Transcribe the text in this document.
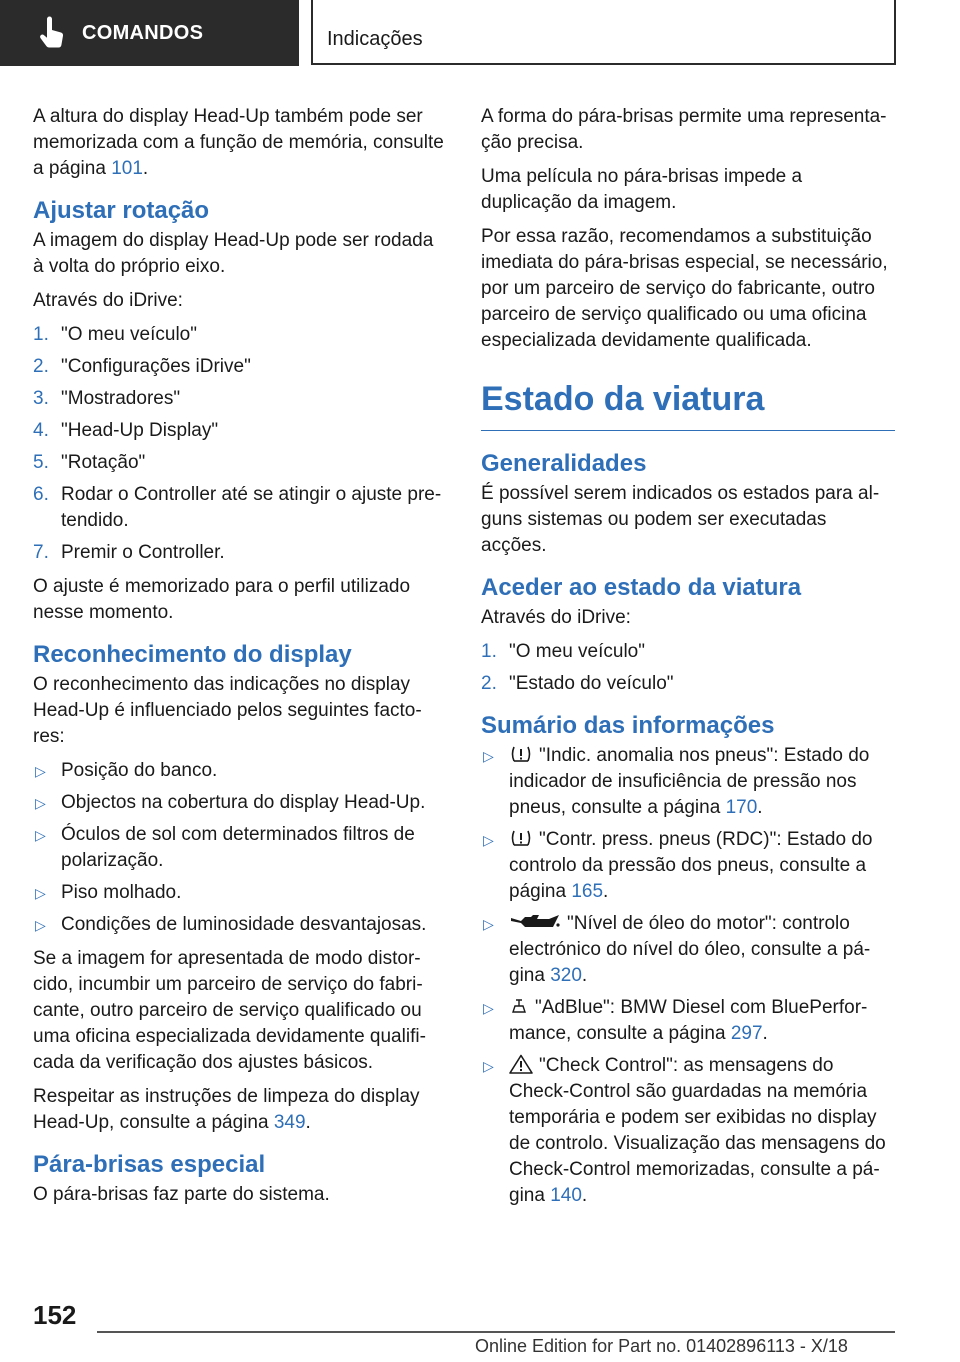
COMANDOS	Indicações

A altura do display Head-Up também pode ser memorizada com a função de memória, consulte a página 101.

Ajustar rotação

A imagem do display Head-Up pode ser rodada à volta do próprio eixo.

Através do iDrive:

1. "O meu veículo"
2. "Configurações iDrive"
3. "Mostradores"
4. "Head-Up Display"
5. "Rotação"
6. Rodar o Controller até se atingir o ajuste pre-tendido.
7. Premir o Controller.

O ajuste é memorizado para o perfil utilizado nesse momento.

Reconhecimento do display

O reconhecimento das indicações no display Head-Up é influenciado pelos seguintes facto-res:

▷ Posição do banco.
▷ Objectos na cobertura do display Head-Up.
▷ Óculos de sol com determinados filtros de polarização.
▷ Piso molhado.
▷ Condições de luminosidade desvantajosas.

Se a imagem for apresentada de modo distor-cido, incumbir um parceiro de serviço do fabri-cante, outro parceiro de serviço qualificado ou uma oficina especializada devidamente qualifi-cada da verificação dos ajustes básicos.

Respeitar as instruções de limpeza do display Head-Up, consulte a página 349.

Pára-brisas especial

O pára-brisas faz parte do sistema.

A forma do pára-brisas permite uma representa-ção precisa.

Uma película no pára-brisas impede a duplicação da imagem.

Por essa razão, recomendamos a substituição imediata do pára-brisas especial, se necessário, por um parceiro de serviço do fabricante, outro parceiro de serviço qualificado ou uma oficina especializada devidamente qualificada.

Estado da viatura
Generalidades

É possível serem indicados os estados para al-guns sistemas ou podem ser executadas acções.

Aceder ao estado da viatura

Através do iDrive:

1. "O meu veículo"
2. "Estado do veículo"
Sumário das informações
▷ "Indic. anomalia nos pneus": Estado do indicador de insuficiência de pressão nos pneus, consulte a página 170.
▷ "Contr. press. pneus (RDC)": Estado do controlo da pressão dos pneus, consulte a página 165.
▷	"Nível de óleo do motor": controlo electrónico do nível do óleo, consulte a pá-gina 320.
▷ "AdBlue": BMW Diesel com BluePerfor-mance, consulte a página 297.
▷ "Check Control": as mensagens do Check-Control são guardadas na memória temporária e podem ser exibidas no display de controlo. Visualização das mensagens do Check-Control memorizadas, consulte a pá-gina 140.
152
Online Edition for Part no. 01402896113 - X/18
